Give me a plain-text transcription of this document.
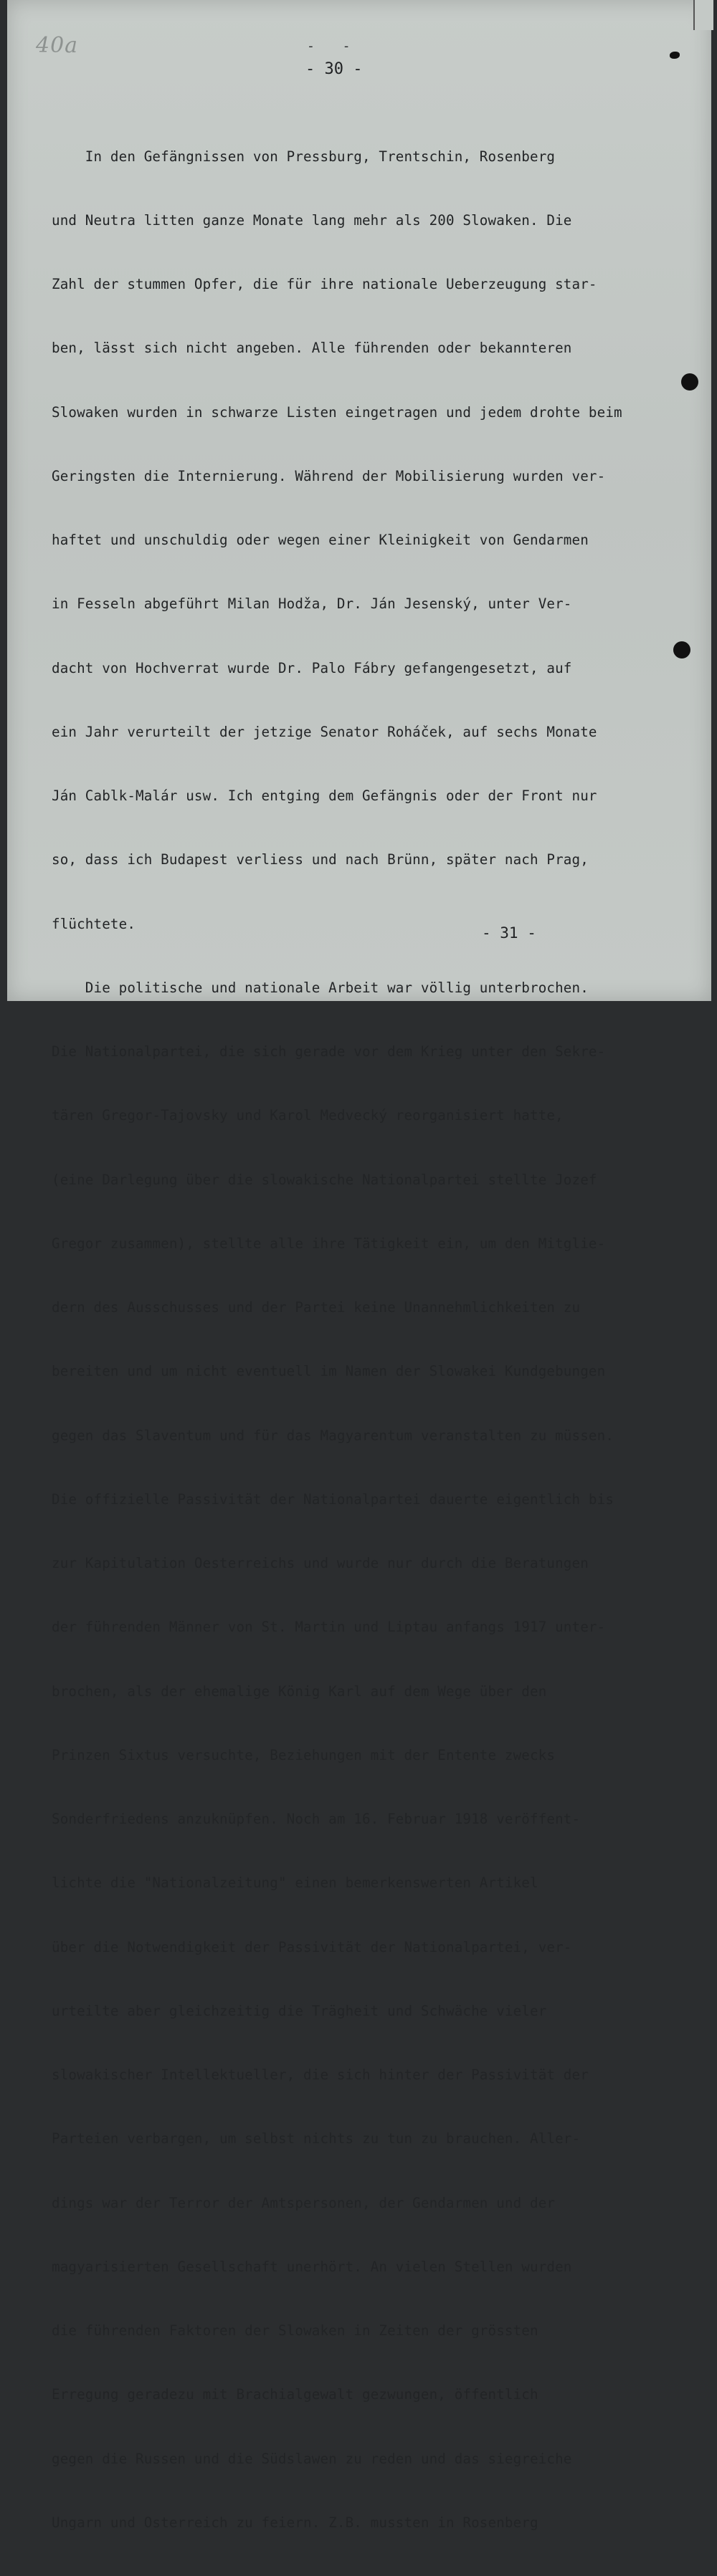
40a	- -
- 30 -

In den Gefängnissen von Pressburg, Trentschin, Rosenberg

und Neutra litten ganze Monate lang mehr als 200 Slowaken. Die

Zahl der stummen Opfer, die für ihre nationale Ueberzeugung star-

ben, lässt sich nicht angeben. Alle führenden oder bekannteren

Slowaken wurden in schwarze Listen eingetragen und jedem drohte beim

Geringsten die Internierung. Während der Mobilisierung wurden ver-

haftet und unschuldig oder wegen einer Kleinigkeit von Gendarmen

in Fesseln abgeführt Milan Hodža, Dr. Ján Jesenský, unter Ver-

dacht von Hochverrat wurde Dr. Palo Fábry gefangengesetzt, auf

ein Jahr verurteilt der jetzige Senator Roháček, auf sechs Monate

Ján Cablk-Malár usw. Ich entging dem Gefängnis oder der Front nur

so, dass ich Budapest verliess und nach Brünn, später nach Prag,

flüchtete.

Die politische und nationale Arbeit war völlig unterbrochen.

Die Nationalpartei, die sich gerade vor dem Krieg unter den Sekre-

tären Gregor-Tajovsky und Karol Medvecký reorganisiert hatte,

(eine Darlegung über die slowakische Nationalpartei stellte Jozef

Gregor zusammen), stellte alle ihre Tätigkeit ein, um den Mitglie-

dern des Ausschusses und der Partei keine Unannehmlichkeiten zu

bereiten und um nicht eventuell im Namen der Slowakei Kundgebungen

gegen das Slaventum und für das Magyarentum veranstalten zu müssen.

Die offizielle Passivität der Nationalpartei dauerte eigentlich bis

zur Kapitulation Oesterreichs und wurde nur durch die Beratungen

der führenden Männer von St. Martin und Liptau anfangs 1917 unter-

brochen, als der ehemalige König Karl auf dem Wege über den

Prinzen Sixtus versuchte, Beziehungen mit der Entente zwecks

Sonderfriedens anzuknüpfen. Noch am 16. Februar 1918 veröffent-

lichte die "Nationalzeitung" einen bemerkenswerten Artikel

über die Notwendigkeit der Passivität der Nationalpartei, ver-

urteilte aber gleichzeitig die Trägheit und Schwäche vieler

slowakischer Intellektueller, die sich hinter der Passivität der

Parteien verbargen, um selbst nichts zu tun zu brauchen. Aller-

dings war der Terror der Amtspersonen, der Gendarmen und der

magyarisierten Gesellschaft unerhört. An vielen Stellen wurden

die führenden Faktoren der Slowaken in Zeiten der grössten

Erregung geradezu mit Brachialgewalt gezwungen, öffentlich

gegen die Russen und die Südslawen zu reden und das siegreiche

Ungarn und Osterreich zu feiern. Z.B. mussten in Rosenberg

- 31 -
